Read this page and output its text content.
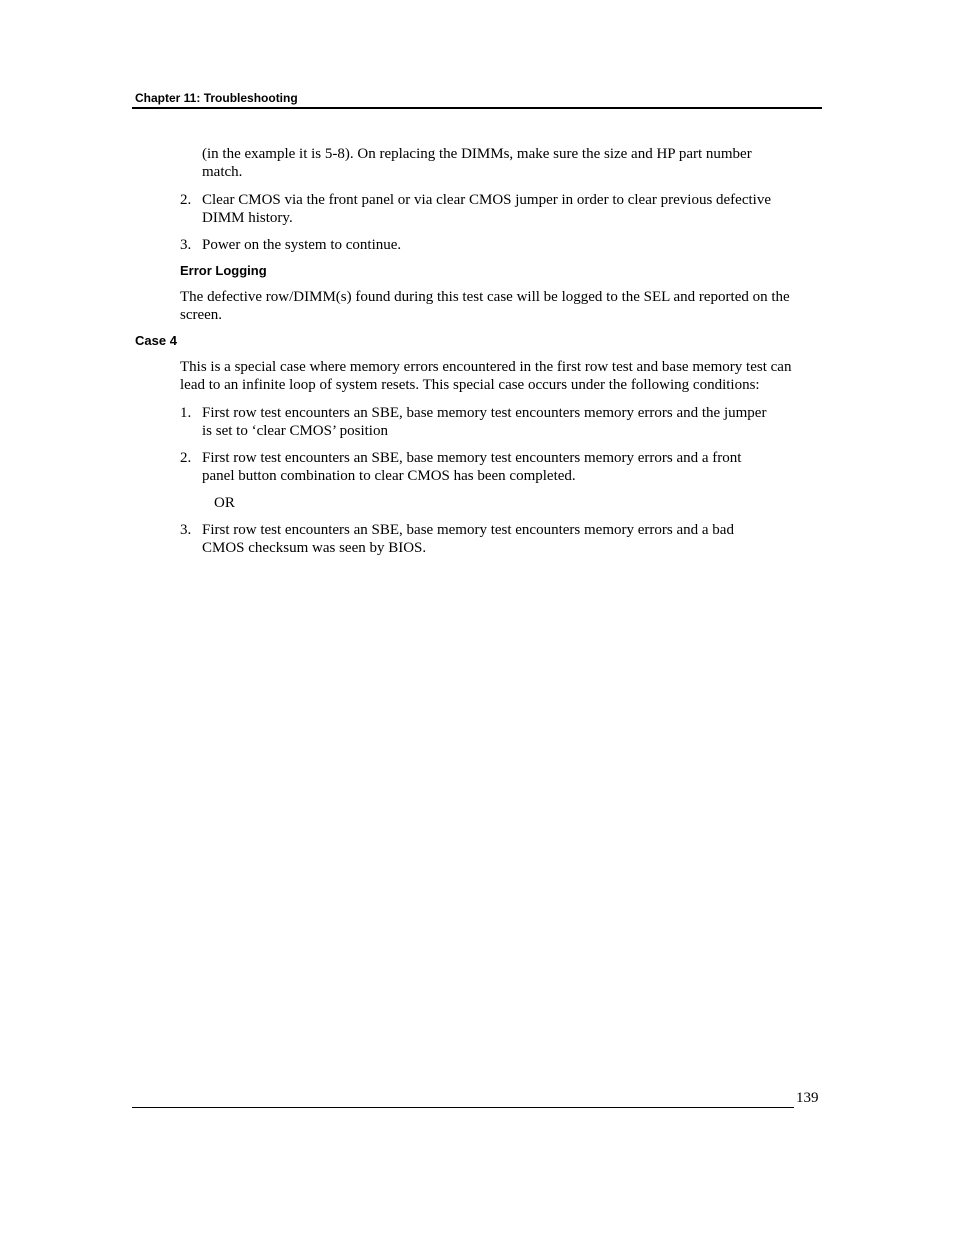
Chapter 11: Troubleshooting
(in the example it is 5-8). On replacing the DIMMs, make sure the size and HP part number
match.
2. Clear CMOS via the front panel or via clear CMOS jumper in order to clear previous defective
DIMM history.
3. Power on the system to continue.
Error Logging
The defective row/DIMM(s) found during this test case will be logged to the SEL and reported on the
screen.
Case 4
This is a special case where memory errors encountered in the first row test and base memory test can
lead to an infinite loop of system resets. This special case occurs under the following conditions:
1. First row test encounters an SBE, base memory test encounters memory errors and the jumper
is set to ‘clear CMOS’ position
2. First row test encounters an SBE, base memory test encounters memory errors and a front
panel button combination to clear CMOS has been completed.
OR
3. First row test encounters an SBE, base memory test encounters memory errors and a bad
CMOS checksum was seen by BIOS.
139
